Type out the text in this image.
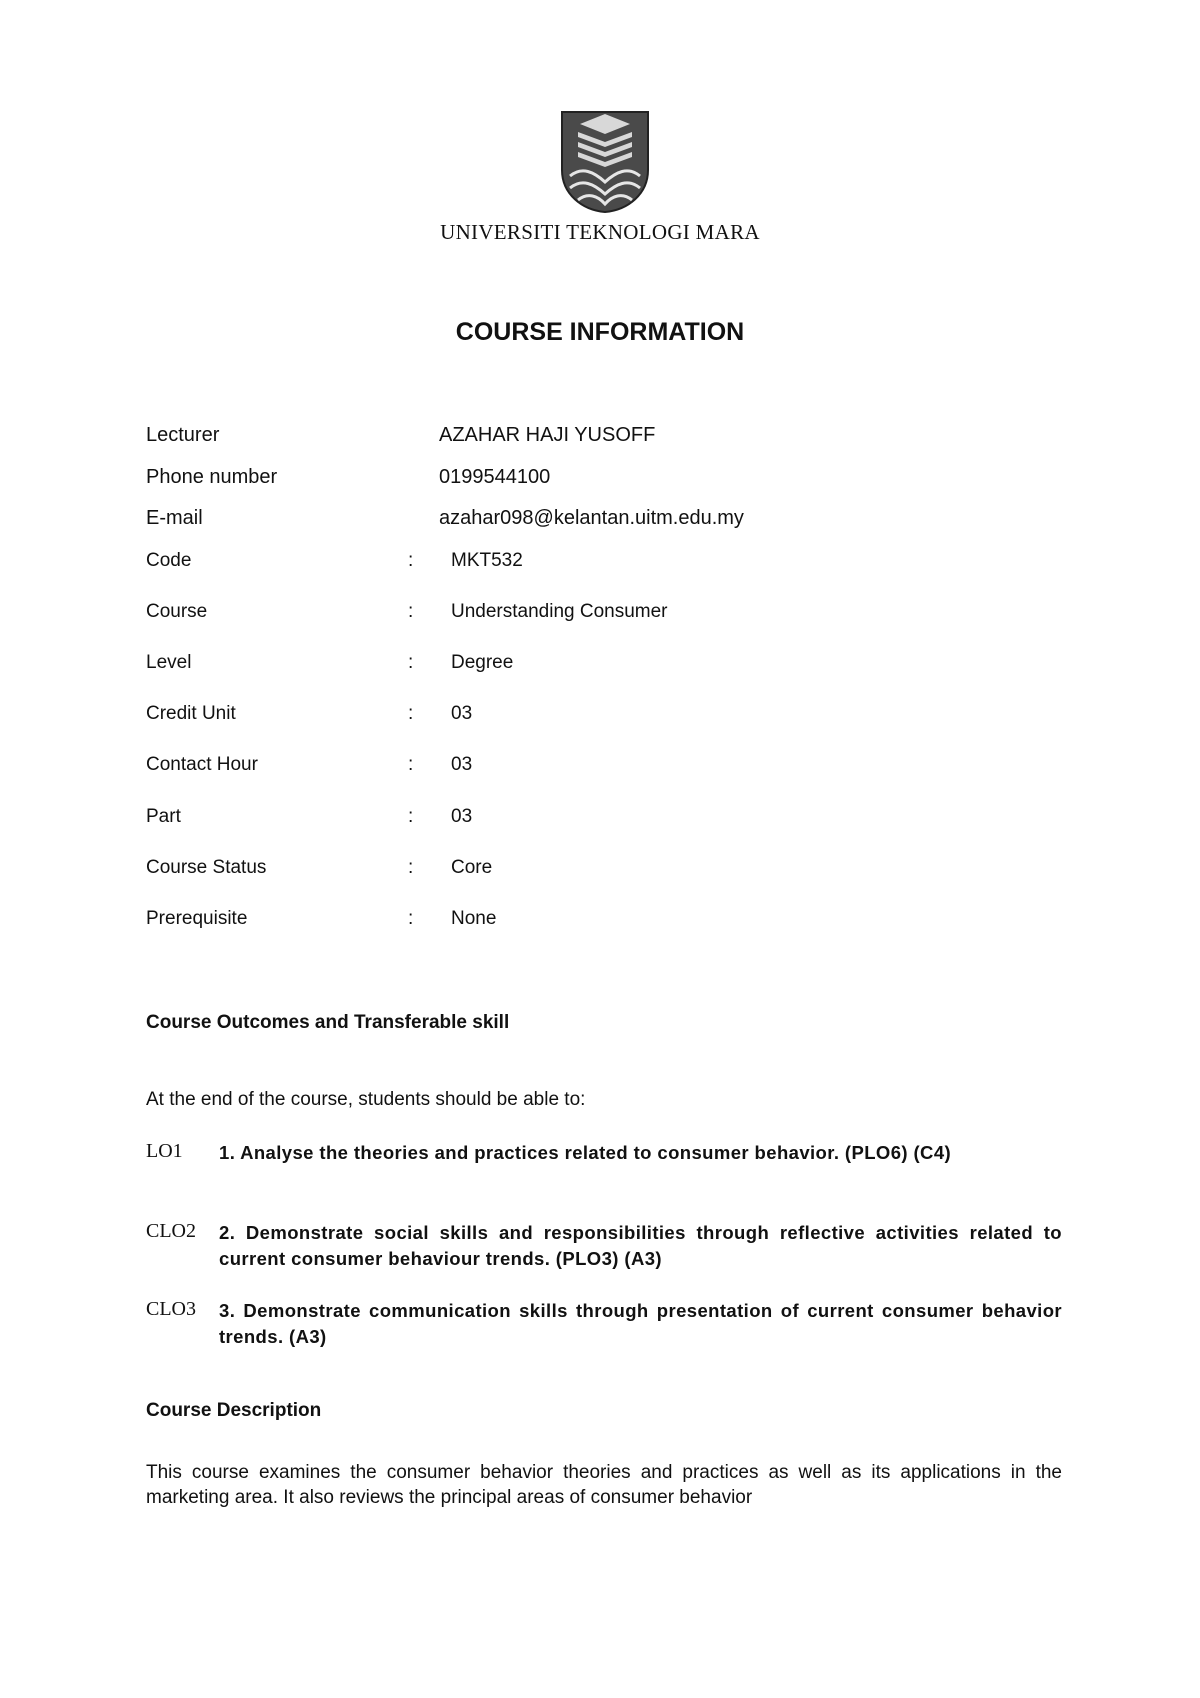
UNIVERSITI TEKNOLOGI MARA
COURSE INFORMATION
Lecturer	AZAHAR HAJI YUSOFF
Phone number	0199544100
E-mail	azahar098@kelantan.uitm.edu.my
Code	: MKT532
Course	: Understanding Consumer
Level	: Degree
Credit Unit	: 03
Contact Hour	: 03
Part	: 03
Course Status	: Core
Prerequisite	: None
Course Outcomes and Transferable skill
At the end of the course, students should be able to:
LO1 1. Analyse the theories and practices related to consumer behavior. (PLO6) (C4)
CLO2 2. Demonstrate social skills and responsibilities through reflective activities related to current consumer behaviour trends. (PLO3) (A3)
CLO3 3. Demonstrate communication skills through presentation of current consumer behavior trends. (A3)
Course Description
This course examines the consumer behavior theories and practices as well as its applications in the marketing area. It also reviews the principal areas of consumer behavior
